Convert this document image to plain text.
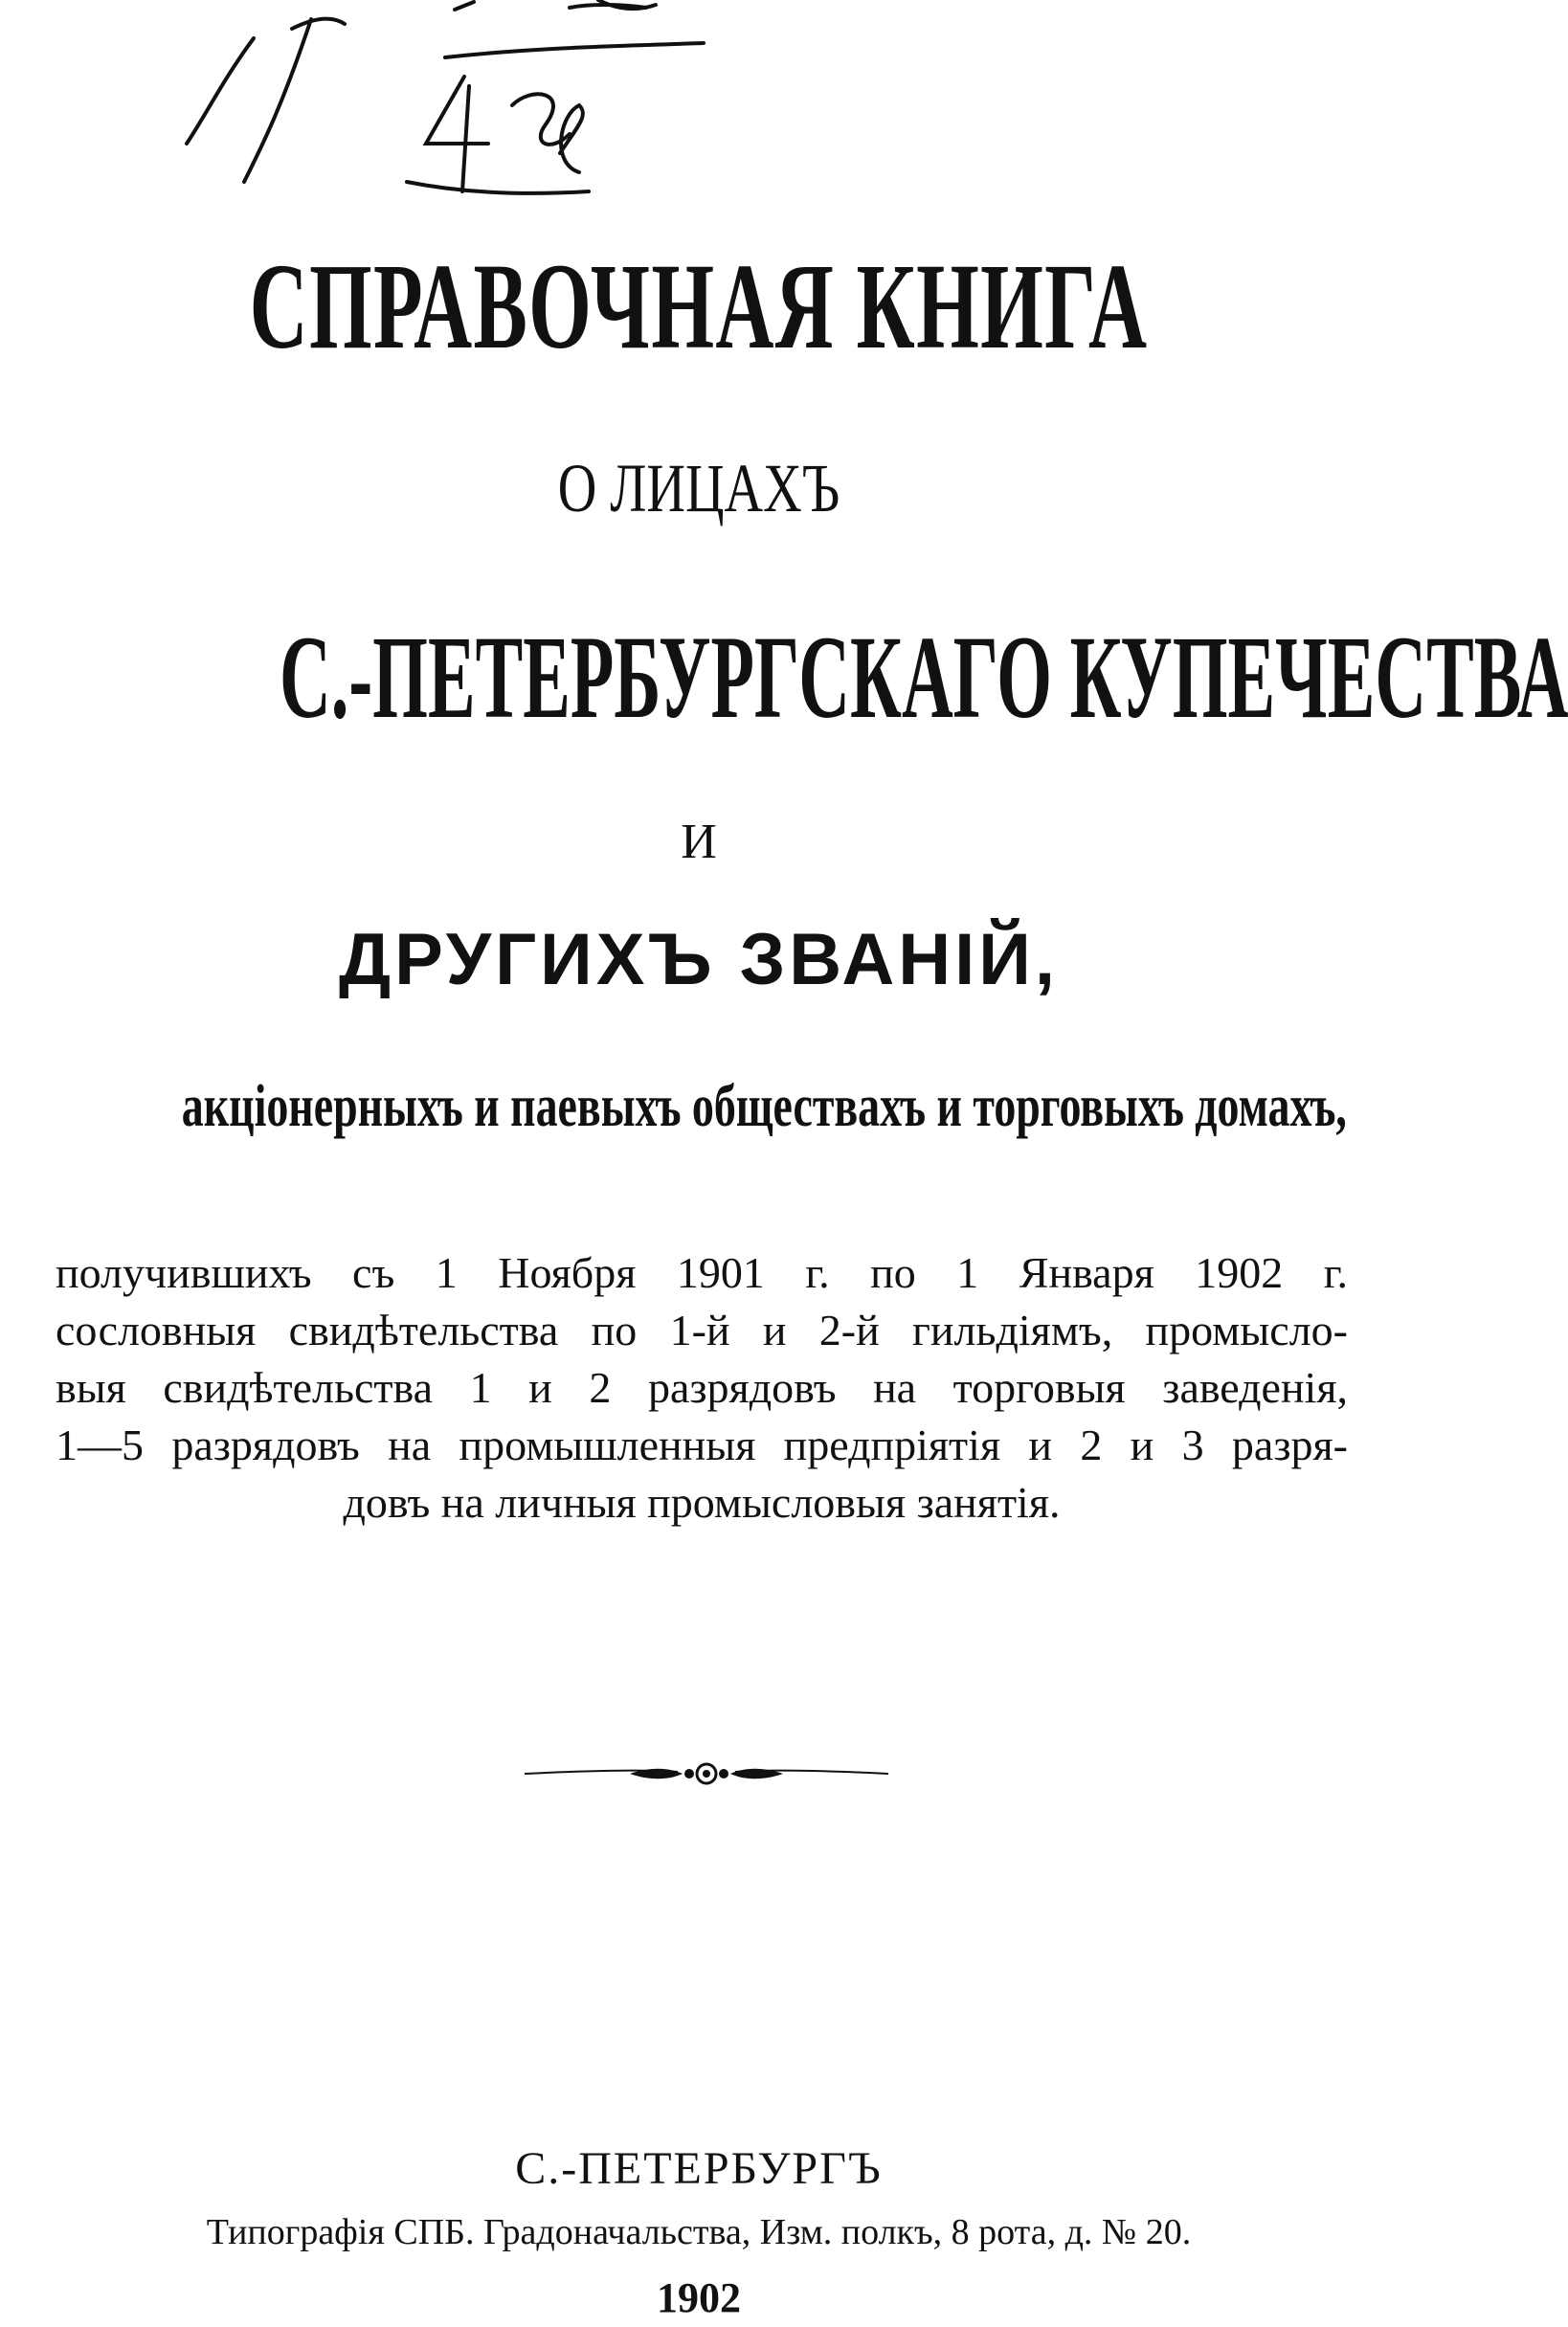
СПРАВОЧНАЯ КНИГА
О ЛИЦАХЪ
С.-ПЕТЕРБУРГСКАГО КУПЕЧЕСТВА
И
ДРУГИХЪ ЗВАНІЙ,
акціонерныхъ и паевыхъ обществахъ и торговыхъ домахъ,
получившихъ съ 1 Ноября 1901 г. по 1 Января 1902 г.
сословныя свидѣтельства по 1-й и 2-й гильдіямъ, промысло-
выя свидѣтельства 1 и 2 разрядовъ на торговыя заведенія,
1—5 разрядовъ на промышленныя предпріятія и 2 и 3 разря-
довъ на личныя промысловыя занятія.
С.-ПЕТЕРБУРГЪ
Типографія СПБ. Градоначальства, Изм. полкъ, 8 рота, д. № 20.
1902
